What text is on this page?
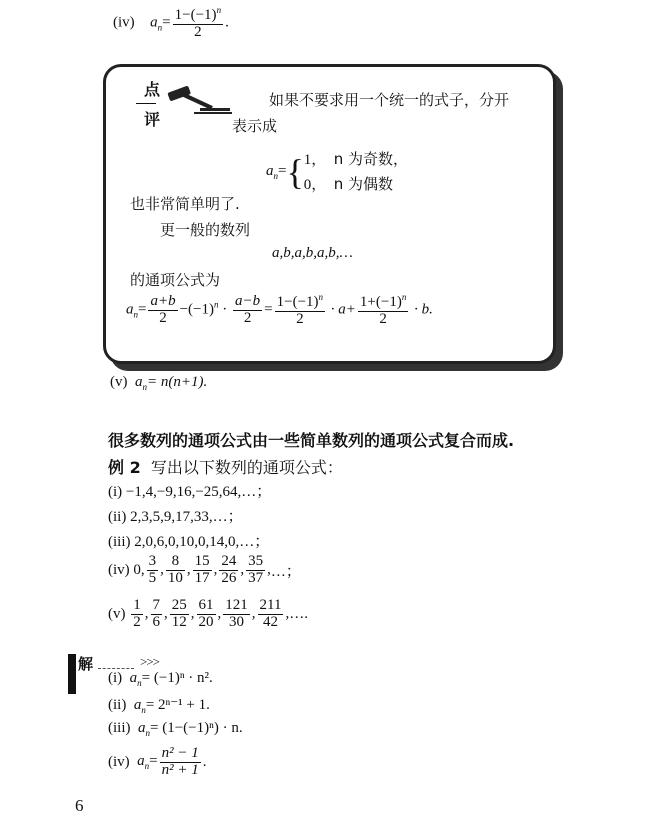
(iv) $a_n= \frac{1-(-1)^n}{2}$ .
点
评
如果不要求用一个统一的式子，分开
表示成
$a_n=${ 1， n 为奇数，
0， n 为偶数
也非常简单明了.
更一般的数列
a,b,a,b,a,b,…
的通项公式为
$a_n= \frac{a+b}{2} -(-1)^n \cdot \frac{a-b}{2} = \frac{1-(-1)^n}{2} \cdot a+ \frac{1+(-1)^n}{2} \cdot b$.
(v) $a_n= n(n+1)$.
很多数列的通项公式由一些简单数列的通项公式复合而成.
例 2 写出以下数列的通项公式：
(i) −1,4,−9,16,−25,64,…；
(ii) 2,3,5,9,17,33,…；
(iii) 2,0,6,0,10,0,14,0,…；
(iv) 0, $\frac{3}{5}$ , $\frac{8}{10}$ , $\frac{15}{17}$ , $\frac{24}{26}$ , $\frac{35}{37}$ ,…；
$(v) \frac{1}{2}$ , $\frac{7}{6}$ , $\frac{25}{12}$ , $\frac{61}{20}$ , $\frac{121}{30}$ , $\frac{211}{42}$ ,….
解	>>>
(i) $a_n= (-1)^n \cdot n^2$.
(ii) $a_n= 2^{n-1} + 1$.
(iii) $a_n= (1-(-1)^n) \cdot n$.
(iv) $a_n= \frac{\text{n² − 1}}{\text{n² + 1}}$ .
6
